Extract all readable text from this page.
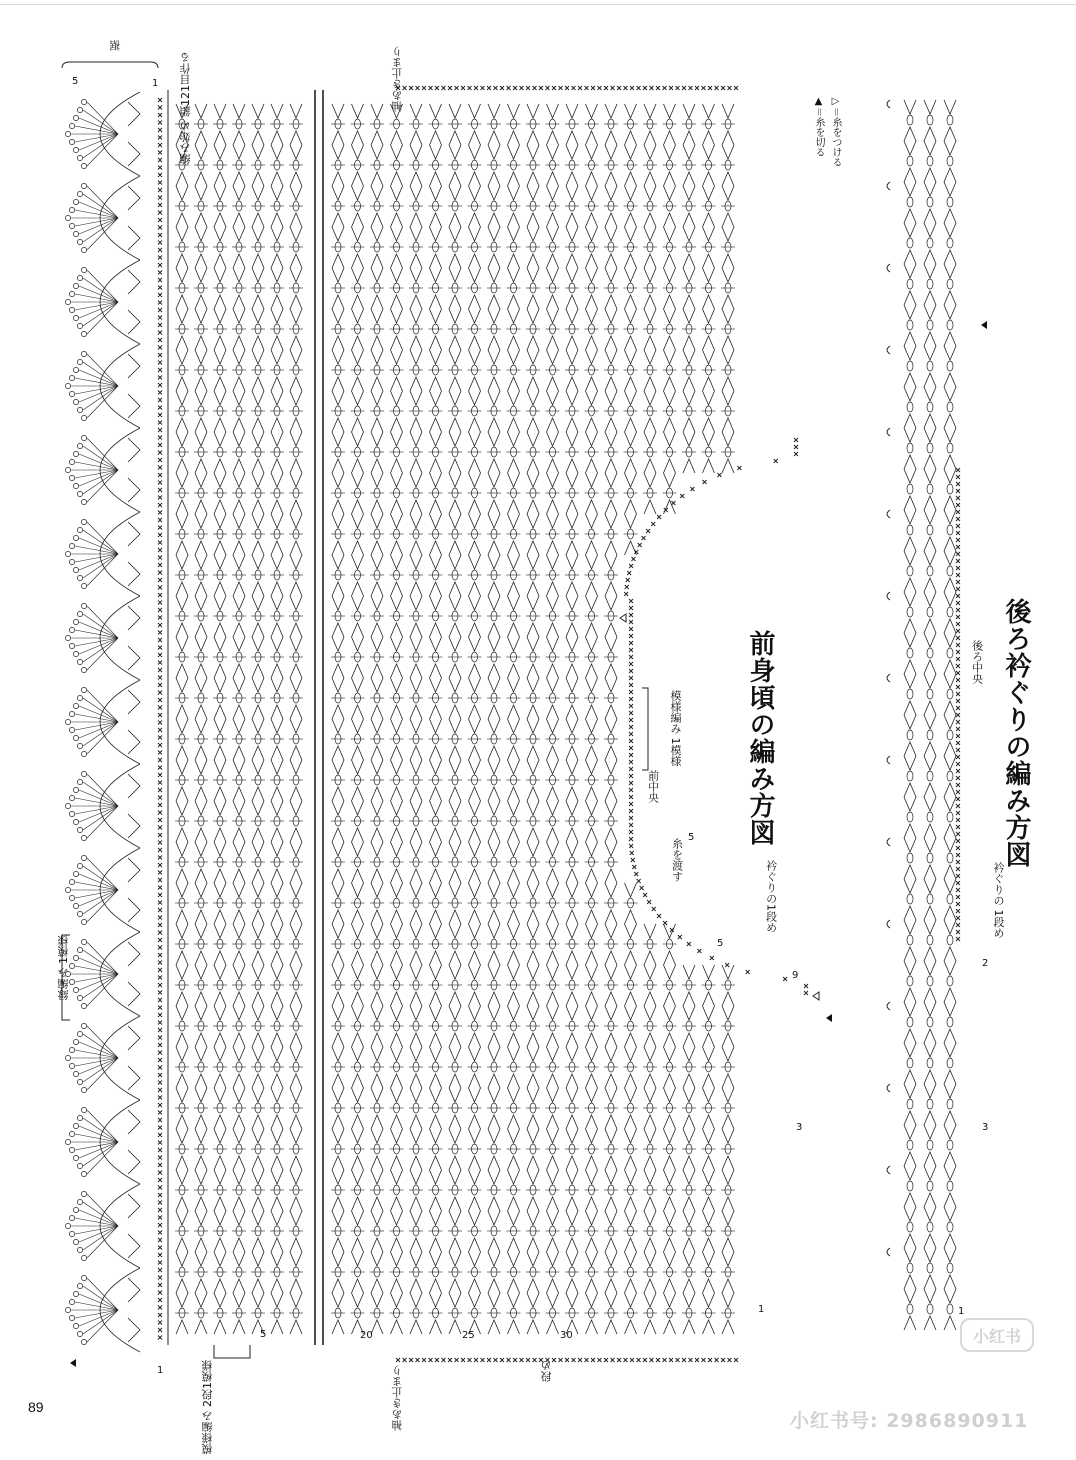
前身頃の編み方図	後ろ衿ぐりの編み方図
▷＝糸をつける
▲＝糸を切る
模様編み 1模様
前中央
糸を渡す	衿ぐりの1段め
裾
縁編み 1模様
編み始め 鎖121目作る
模様編み 2段1模様
袖あき止まり
袖あき止まり	段め
1
5	20	25	30
5
3
1
9
5
1
5
後ろ中央
衿ぐりの 1段め
2
3
1
89
小红书
小红书号: 2986890911
